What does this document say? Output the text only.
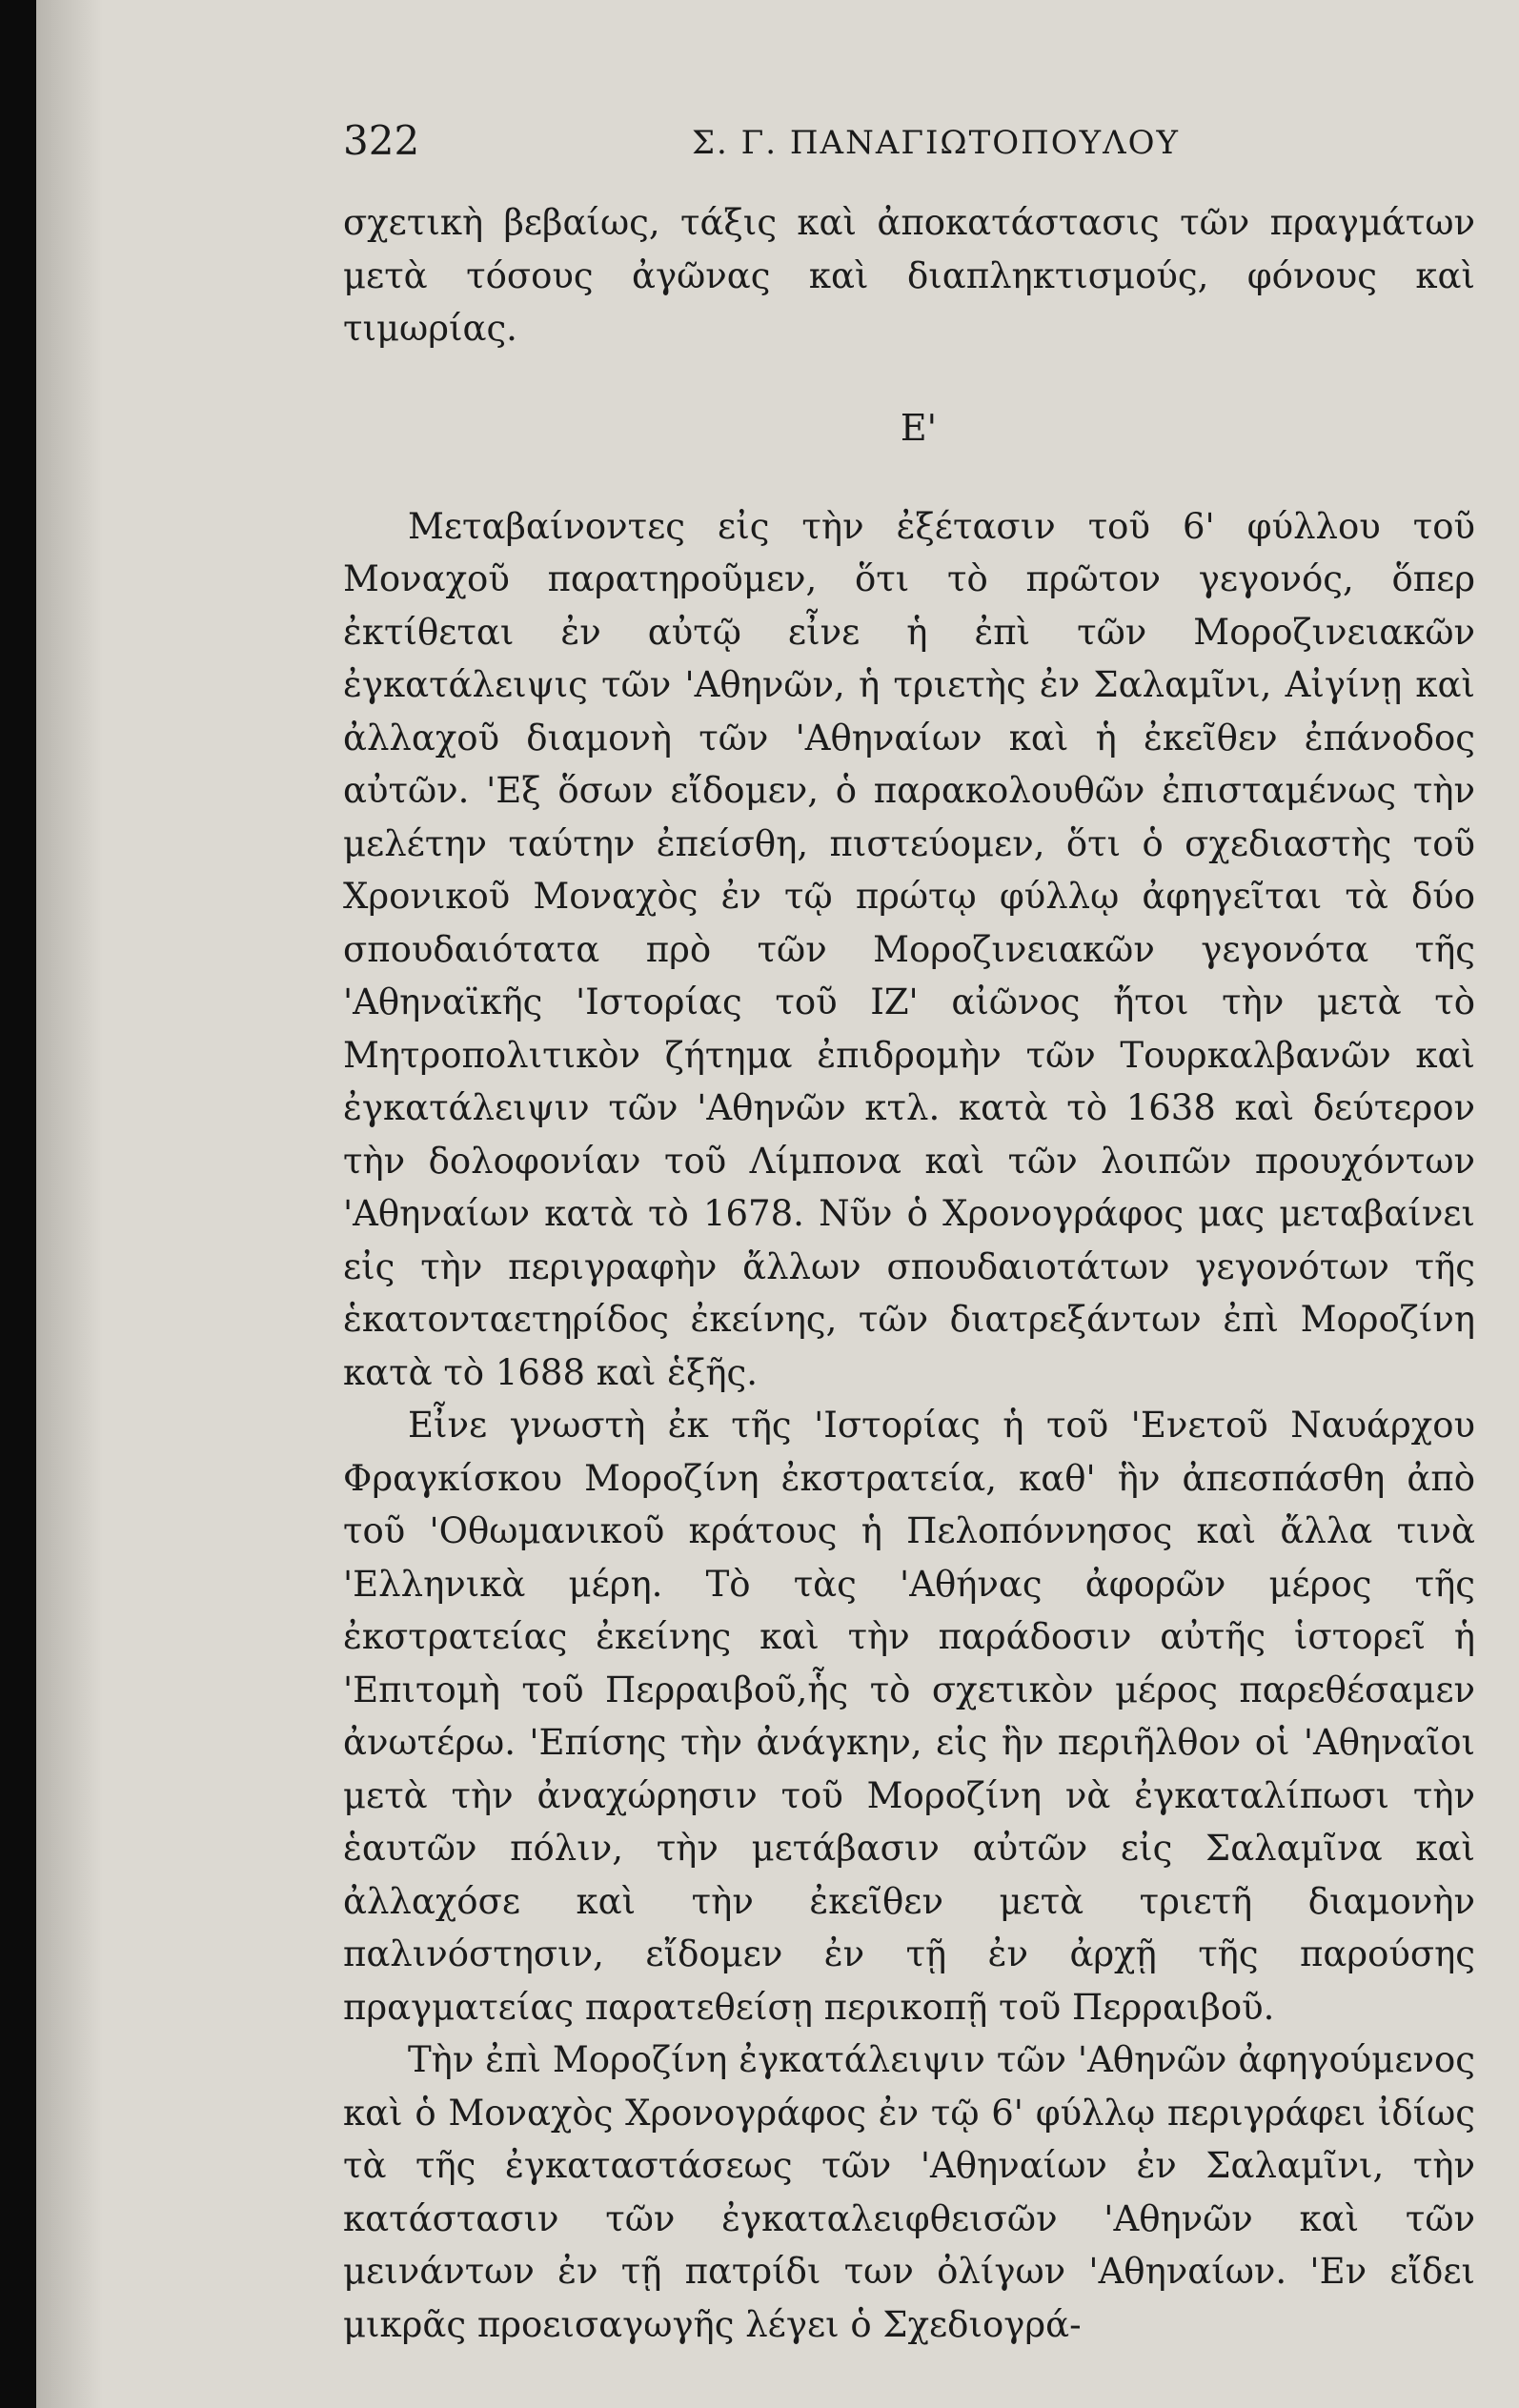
322	Σ. Γ. ΠΑΝΑΓΙΩΤΟΠΟΥΛΟΥ

σχετικὴ βεβαίως, τάξις καὶ ἀποκατάστασις τῶν πραγμάτων μετὰ τόσους ἀγῶνας καὶ διαπληκτισμούς, φόνους καὶ τιμωρίας.

Ε'

Μεταβαίνοντες εἰς τὴν ἐξέτασιν τοῦ 6' φύλλου τοῦ Μοναχοῦ παρατηροῦμεν, ὅτι τὸ πρῶτον γεγονός, ὅπερ ἐκτίθεται ἐν αὐτῷ εἶνε ἡ ἐπὶ τῶν Μοροζινειακῶν ἐγκατάλειψις τῶν 'Αθηνῶν, ἡ τριετὴς ἐν Σαλαμῖνι, Αἰγίνῃ καὶ ἀλλαχοῦ διαμονὴ τῶν 'Αθηναίων καὶ ἡ ἐκεῖθεν ἐπάνοδος αὐτῶν. 'Εξ ὅσων εἴδομεν, ὁ παρακολουθῶν ἐπισταμένως τὴν μελέτην ταύτην ἐπείσθη, πιστεύομεν, ὅτι ὁ σχεδιαστὴς τοῦ Χρονικοῦ Μοναχὸς ἐν τῷ πρώτῳ φύλλῳ ἀφηγεῖται τὰ δύο σπουδαιότατα πρὸ τῶν Μοροζινειακῶν γεγονότα τῆς 'Αθηναϊκῆς 'Ιστορίας τοῦ ΙΖ' αἰῶνος ἤτοι τὴν μετὰ τὸ Μητροπολιτικὸν ζήτημα ἐπιδρομὴν τῶν Τουρκαλβανῶν καὶ ἐγκατάλειψιν τῶν 'Αθηνῶν κτλ. κατὰ τὸ 1638 καὶ δεύτερον τὴν δολοφονίαν τοῦ Λίμπονα καὶ τῶν λοιπῶν προυχόντων 'Αθηναίων κατὰ τὸ 1678. Νῦν ὁ Χρονογράφος μας μεταβαίνει εἰς τὴν περιγραφὴν ἄλλων σπουδαιοτάτων γεγονότων τῆς ἑκατονταετηρίδος ἐκείνης, τῶν διατρεξάντων ἐπὶ Μοροζίνη κατὰ τὸ 1688 καὶ ἑξῆς.

Εἶνε γνωστὴ ἐκ τῆς 'Ιστορίας ἡ τοῦ 'Ενετοῦ Ναυάρχου Φραγκίσκου Μοροζίνη ἐκστρατεία, καθ' ἣν ἀπεσπάσθη ἀπὸ τοῦ 'Οθωμανικοῦ κράτους ἡ Πελοπόννησος καὶ ἄλλα τινὰ 'Ελληνικὰ μέρη. Τὸ τὰς 'Αθήνας ἀφορῶν μέρος τῆς ἐκστρατείας ἐκείνης καὶ τὴν παράδοσιν αὐτῆς ἱστορεῖ ἡ 'Επιτομὴ τοῦ Περραιβοῦ,ἧς τὸ σχετικὸν μέρος παρεθέσαμεν ἀνωτέρω. 'Επίσης τὴν ἀνάγκην, εἰς ἣν περιῆλθον οἱ 'Αθηναῖοι μετὰ τὴν ἀναχώρησιν τοῦ Μοροζίνη νὰ ἐγκαταλίπωσι τὴν ἑαυτῶν πόλιν, τὴν μετάβασιν αὐτῶν εἰς Σαλαμῖνα καὶ ἀλλαχόσε καὶ τὴν ἐκεῖθεν μετὰ τριετῆ διαμονὴν παλινόστησιν, εἴδομεν ἐν τῇ ἐν ἀρχῇ τῆς παρούσης πραγματείας παρατεθείσῃ περικοπῇ τοῦ Περραιβοῦ.

Τὴν ἐπὶ Μοροζίνη ἐγκατάλειψιν τῶν 'Αθηνῶν ἀφηγούμενος καὶ ὁ Μοναχὸς Χρονογράφος ἐν τῷ 6' φύλλῳ περιγράφει ἰδίως τὰ τῆς ἐγκαταστάσεως τῶν 'Αθηναίων ἐν Σαλαμῖνι, τὴν κατάστασιν τῶν ἐγκαταλειφθεισῶν 'Αθηνῶν καὶ τῶν μεινάντων ἐν τῇ πατρίδι των ὀλίγων 'Αθηναίων. 'Εν εἴδει μικρᾶς προεισαγωγῆς λέγει ὁ Σχεδιογρά-
